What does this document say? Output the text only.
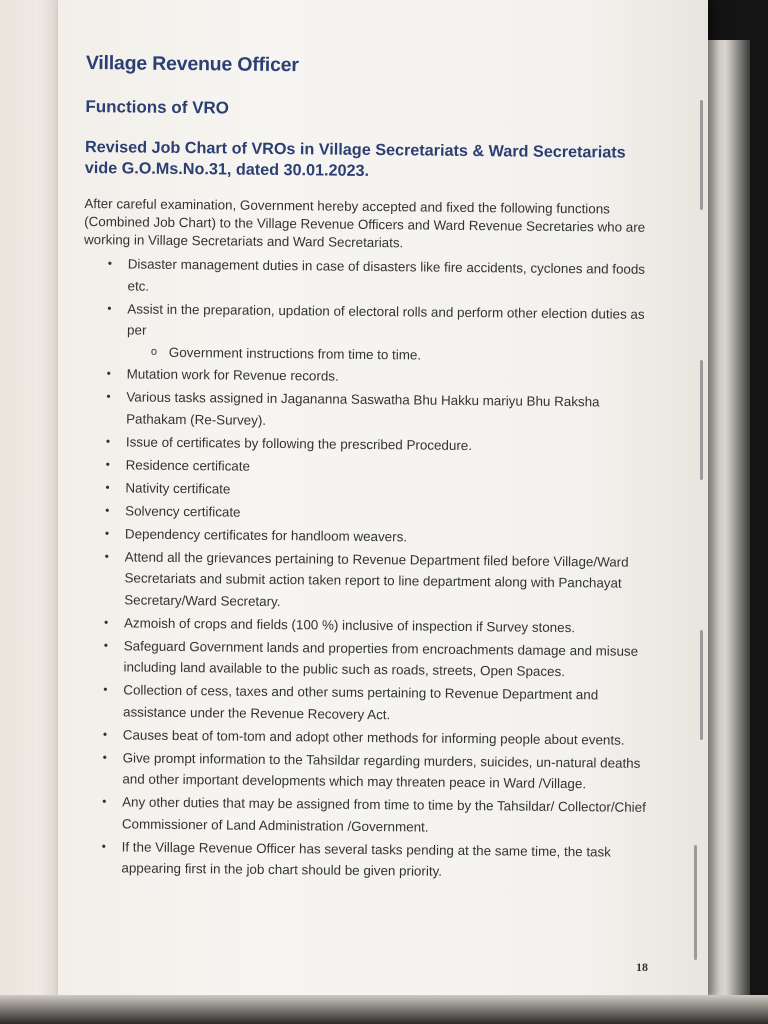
Village Revenue Officer
Functions of VRO
Revised Job Chart of VROs in Village Secretariats & Ward Secretariats
vide G.O.Ms.No.31, dated 30.01.2023.

After careful examination, Government hereby accepted and fixed the following functions (Combined Job Chart) to the Village Revenue Officers and Ward Revenue Secretaries who are working in Village Secretariats and Ward Secretariats.

• Disaster management duties in case of disasters like fire accidents, cyclones and foods etc.
• Assist in the preparation, updation of electoral rolls and perform other election duties as per
o Government instructions from time to time.
• Mutation work for Revenue records.
• Various tasks assigned in Jagananna Saswatha Bhu Hakku mariyu Bhu Raksha Pathakam (Re-Survey).
• Issue of certificates by following the prescribed Procedure.
• Residence certificate
• Nativity certificate
• Solvency certificate
• Dependency certificates for handloom weavers.
• Attend all the grievances pertaining to Revenue Department filed before Village/Ward Secretariats and submit action taken report to line department along with Panchayat Secretary/Ward Secretary.
• Azmoish of crops and fields (100 %) inclusive of inspection if Survey stones.
• Safeguard Government lands and properties from encroachments damage and misuse including land available to the public such as roads, streets, Open Spaces.
• Collection of cess, taxes and other sums pertaining to Revenue Department and assistance under the Revenue Recovery Act.
• Causes beat of tom-tom and adopt other methods for informing people about events.
• Give prompt information to the Tahsildar regarding murders, suicides, un-natural deaths and other important developments which may threaten peace in Ward /Village.
• Any other duties that may be assigned from time to time by the Tahsildar/ Collector/Chief Commissioner of Land Administration /Government.
• If the Village Revenue Officer has several tasks pending at the same time, the task appearing first in the job chart should be given priority.
18
